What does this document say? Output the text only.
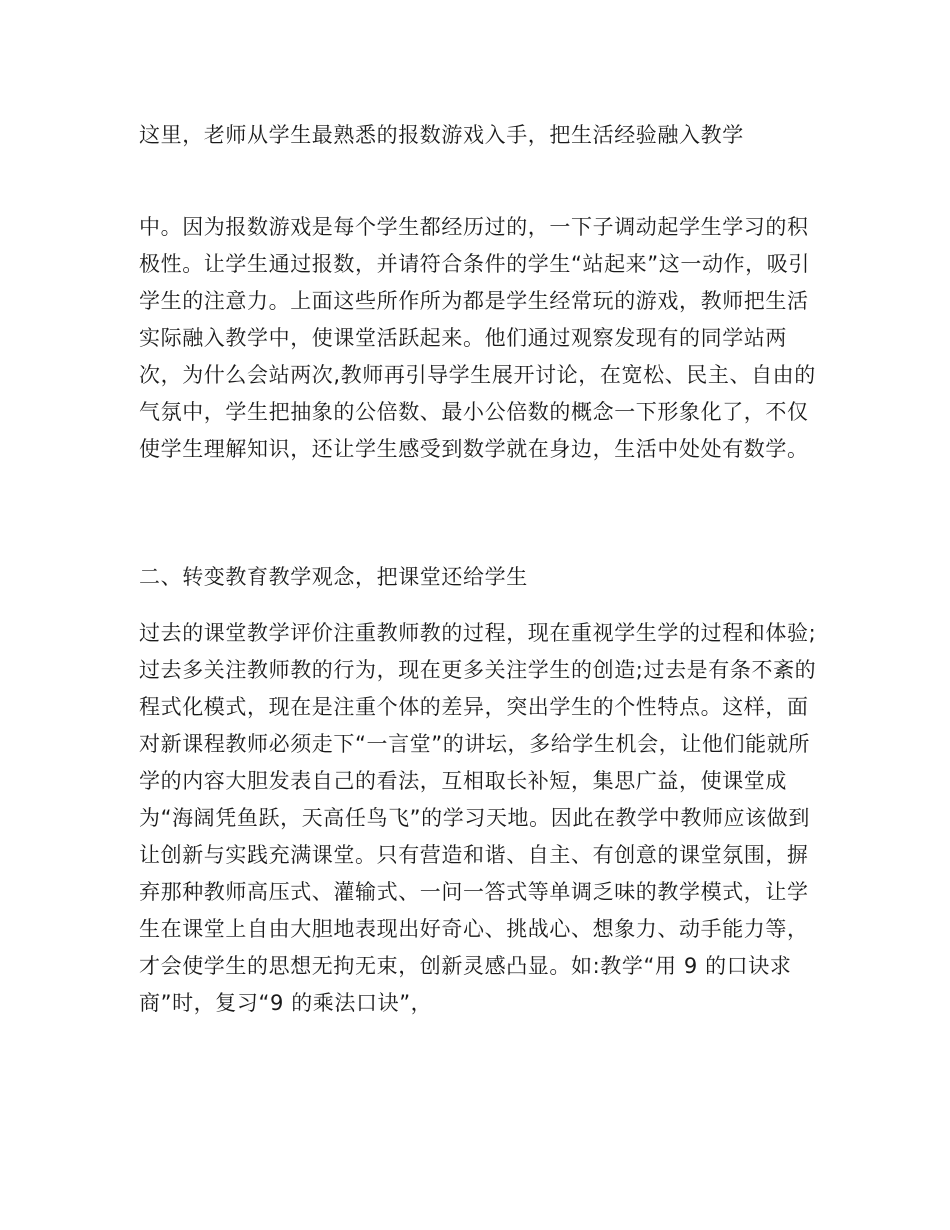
这里，老师从学生最熟悉的报数游戏入手，把生活经验融入教学

中。因为报数游戏是每个学生都经历过的，一下子调动起学生学习的积极性。让学生通过报数，并请符合条件的学生“站起来”这一动作，吸引学生的注意力。上面这些所作所为都是学生经常玩的游戏，教师把生活实际融入教学中，使课堂活跃起来。他们通过观察发现有的同学站两次，为什么会站两次,教师再引导学生展开讨论，在宽松、民主、自由的气氛中，学生把抽象的公倍数、最小公倍数的概念一下形象化了，不仅使学生理解知识，还让学生感受到数学就在身边，生活中处处有数学。

二、转变教育教学观念，把课堂还给学生

过去的课堂教学评价注重教师教的过程，现在重视学生学的过程和体验;过去多关注教师教的行为，现在更多关注学生的创造;过去是有条不紊的程式化模式，现在是注重个体的差异，突出学生的个性特点。这样，面对新课程教师必须走下“一言堂”的讲坛，多给学生机会，让他们能就所学的内容大胆发表自己的看法，互相取长补短，集思广益，使课堂成为“海阔凭鱼跃，天高任鸟飞”的学习天地。因此在教学中教师应该做到让创新与实践充满课堂。只有营造和谐、自主、有创意的课堂氛围，摒弃那种教师高压式、灌输式、一问一答式等单调乏味的教学模式，让学生在课堂上自由大胆地表现出好奇心、挑战心、想象力、动手能力等，才会使学生的思想无拘无束，创新灵感凸显。如:教学“用 9 的口诀求商”时，复习“9 的乘法口诀”，
